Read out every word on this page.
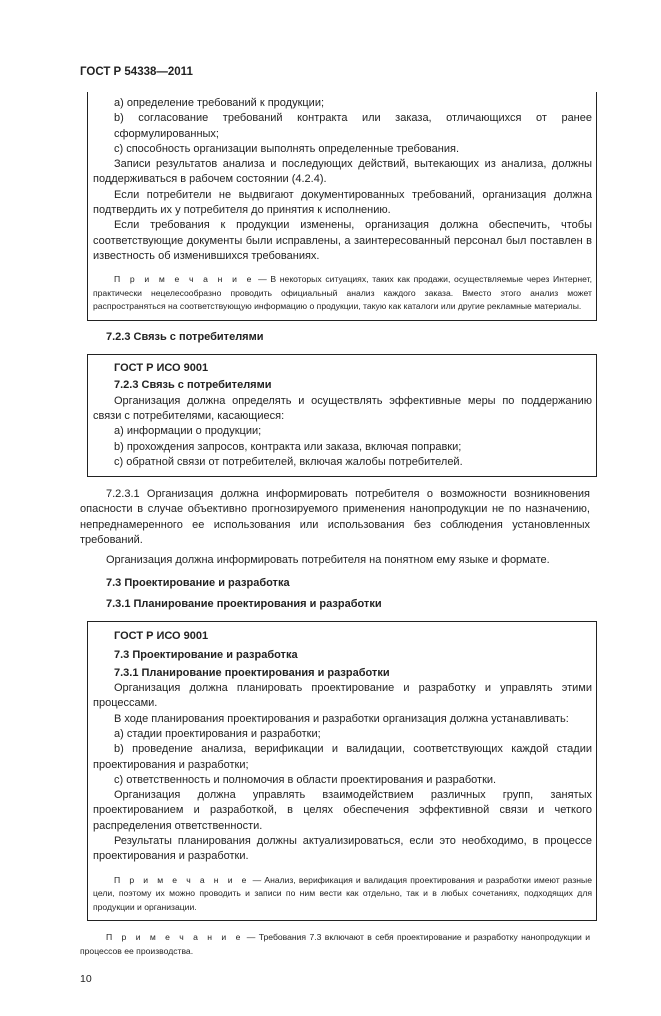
ГОСТ Р 54338—2011

a) определение требований к продукции;

b) согласование требований контракта или заказа, отличающихся от ранее сформулированных;

c) способность организации выполнять определенные требования.

Записи результатов анализа и последующих действий, вытекающих из анализа, должны поддерживаться в рабочем состоянии (4.2.4).

Если потребители не выдвигают документированных требований, организация должна подтвердить их у потребителя до принятия к исполнению.

Если требования к продукции изменены, организация должна обеспечить, чтобы соответствующие документы были исправлены, а заинтересованный персонал был поставлен в известность об изменившихся требованиях.

П р и м е ч а н и е — В некоторых ситуациях, таких как продажи, осуществляемые через Интернет, практически нецелесообразно проводить официальный анализ каждого заказа. Вместо этого анализ может распространяться на соответствующую информацию о продукции, такую как каталоги или другие рекламные материалы.

7.2.3 Связь с потребителями

ГОСТ Р ИСО 9001

7.2.3 Связь с потребителями

Организация должна определять и осуществлять эффективные меры по поддержанию связи с потребителями, касающиеся:

a) информации о продукции;

b) прохождения запросов, контракта или заказа, включая поправки;

c) обратной связи от потребителей, включая жалобы потребителей.

7.2.3.1 Организация должна информировать потребителя о возможности возникновения опасности в случае объективно прогнозируемого применения нанопродукции не по назначению, непреднамеренного ее использования или использования без соблюдения установленных требований.

Организация должна информировать потребителя на понятном ему языке и формате.

7.3 Проектирование и разработка

7.3.1 Планирование проектирования и разработки

ГОСТ Р ИСО 9001

7.3 Проектирование и разработка

7.3.1 Планирование проектирования и разработки

Организация должна планировать проектирование и разработку и управлять этими процессами.

В ходе планирования проектирования и разработки организация должна устанавливать:

a) стадии проектирования и разработки;

b) проведение анализа, верификации и валидации, соответствующих каждой стадии проектирования и разработки;

c) ответственность и полномочия в области проектирования и разработки.

Организация должна управлять взаимодействием различных групп, занятых проектированием и разработкой, в целях обеспечения эффективной связи и четкого распределения ответственности.

Результаты планирования должны актуализироваться, если это необходимо, в процессе проектирования и разработки.

П р и м е ч а н и е — Анализ, верификация и валидация проектирования и разработки имеют разные цели, поэтому их можно проводить и записи по ним вести как отдельно, так и в любых сочетаниях, подходящих для продукции и организации.

П р и м е ч а н и е — Требования 7.3 включают в себя проектирование и разработку нанопродукции и процессов ее производства.

10
